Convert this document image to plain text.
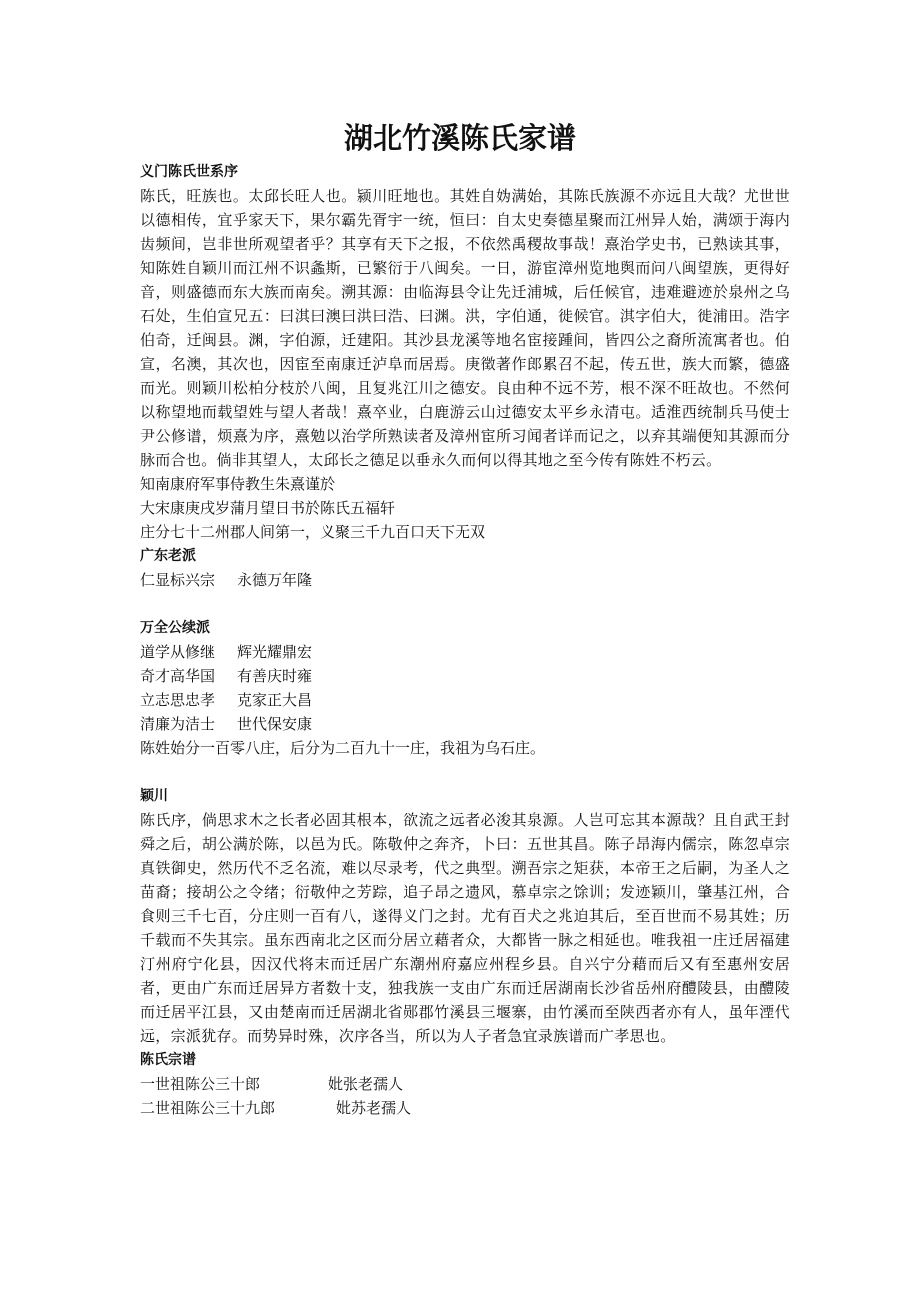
湖北竹溪陈氏家谱

义门陈氏世系序

陈氏，旺族也。太邱长旺人也。颍川旺地也。其姓自妫满始，其陈氏族源不亦远且大哉？尤世世以德相传，宜乎家天下，果尔霸先胥宇一统，恒曰：自太史奏德星聚而江州异人始，满颂于海内齿频间，岂非世所观望者乎？其享有天下之报，不依然禹稷故事哉！熹治学史书，已熟读其事，知陈姓自颖川而江州不识螽斯，已繁衍于八闽矣。一日，游宦漳州览地舆而问八闽望族，更得好音，则盛德而东大族而南矣。溯其源：由临海县令让先迁浦城，后任候官，违难避迹於泉州之乌石处，生伯宣兄五：曰淇曰澳曰洪曰浩、曰渊。洪，字伯通，徙候官。淇字伯大，徙浦田。浩字伯奇，迁闽县。渊，字伯源，迁建阳。其沙县龙溪等地名宦接踵间，皆四公之裔所流寓者也。伯宣，名澳，其次也，因宦至南康迁泸阜而居焉。庚徵著作郎累召不起，传五世，族大而繁，德盛而光。则颖川松柏分枝於八闽，且复兆江川之德安。良由种不远不芳，根不深不旺故也。不然何以称望地而载望姓与望人者哉！熹卒业，白鹿游云山过德安太平乡永清屯。适淮西统制兵马使士尹公修谱，烦熹为序，熹勉以治学所熟读者及漳州宦所习闻者详而记之，以弃其端便知其源而分脉而合也。倘非其望人，太邱长之德足以垂永久而何以得其地之至今传有陈姓不朽云。

知南康府军事侍教生朱熹谨於

大宋康庚戌岁蒲月望日书於陈氏五福轩

庄分七十二州郡人间第一，义聚三千九百口天下无双

广东老派

仁显标兴宗 永德万年隆

万全公续派

道学从修继 辉光耀鼎宏

奇才高华国 有善庆时雍

立志思忠孝 克家正大昌

清廉为洁士 世代保安康

陈姓始分一百零八庄，后分为二百九十一庄，我祖为乌石庄。

颖川

陈氏序，倘思求木之长者必固其根本，欲流之远者必浚其泉源。人岂可忘其本源哉？且自武王封舜之后，胡公满於陈，以邑为氏。陈敬仲之奔齐，卜曰：五世其昌。陈子昂海内儒宗，陈忽卓宗真铁御史，然历代不乏名流，难以尽录考，代之典型。溯吾宗之矩获，本帝王之后嗣，为圣人之苗裔；接胡公之令绪；衍敬仲之芳踪，追子昂之遗风，慕卓宗之馀训；发迹颖川，肇基江州，合食则三千七百，分庄则一百有八，遂得义门之封。尤有百犬之兆迫其后，至百世而不易其姓；历千载而不失其宗。虽东西南北之区而分居立藉者众，大都皆一脉之相延也。唯我祖一庄迁居福建汀州府宁化县，因汉代将末而迁居广东潮州府嘉应州程乡县。自兴宁分藉而后又有至惠州安居者，更由广东而迁居异方者数十支，独我族一支由广东而迁居湖南长沙省岳州府醴陵县，由醴陵而迁居平江县，又由楚南而迁居湖北省郧郡竹溪县三堰寨，由竹溪而至陕西者亦有人，虽年湮代远，宗派犹存。而势异时殊，次序各当，所以为人子者急宜录族谱而广孝思也。

陈氏宗谱

一世祖陈公三十郎	妣张老孺人

二世祖陈公三十九郎	妣苏老孺人
